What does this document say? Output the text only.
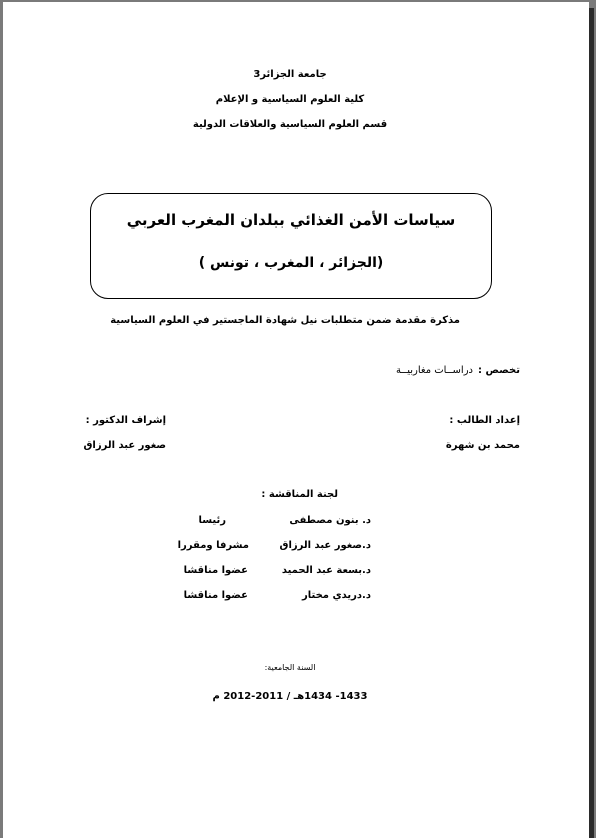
جامعة الجزائر3
كلية العلوم السياسية و الإعلام
قسم العلوم السياسية والعلاقات الدولية
سياسات الأمن الغذائي ببلدان المغرب العربي
(الجزائر ، المغرب ، تونس )
مذكرة مقدمة ضمن متطلبات نيل شهادة الماجستير في العلوم السياسية
تخصص :
دراســات مغاربيــة
إعداد الطالب :
محمد بن شهرة
إشراف الدكتور :
صغور عبد الرزاق
لجنة المناقشة :
د. بنون مصطفى
رئيسا
د.صغور عبد الرزاق
مشرفا ومقررا
د.بسعة عبد الحميد
عضوا مناقشا
د.دريدي مختار
عضوا مناقشا
السنة الجامعية:
1433- 1434هـ / 2011-2012 م
